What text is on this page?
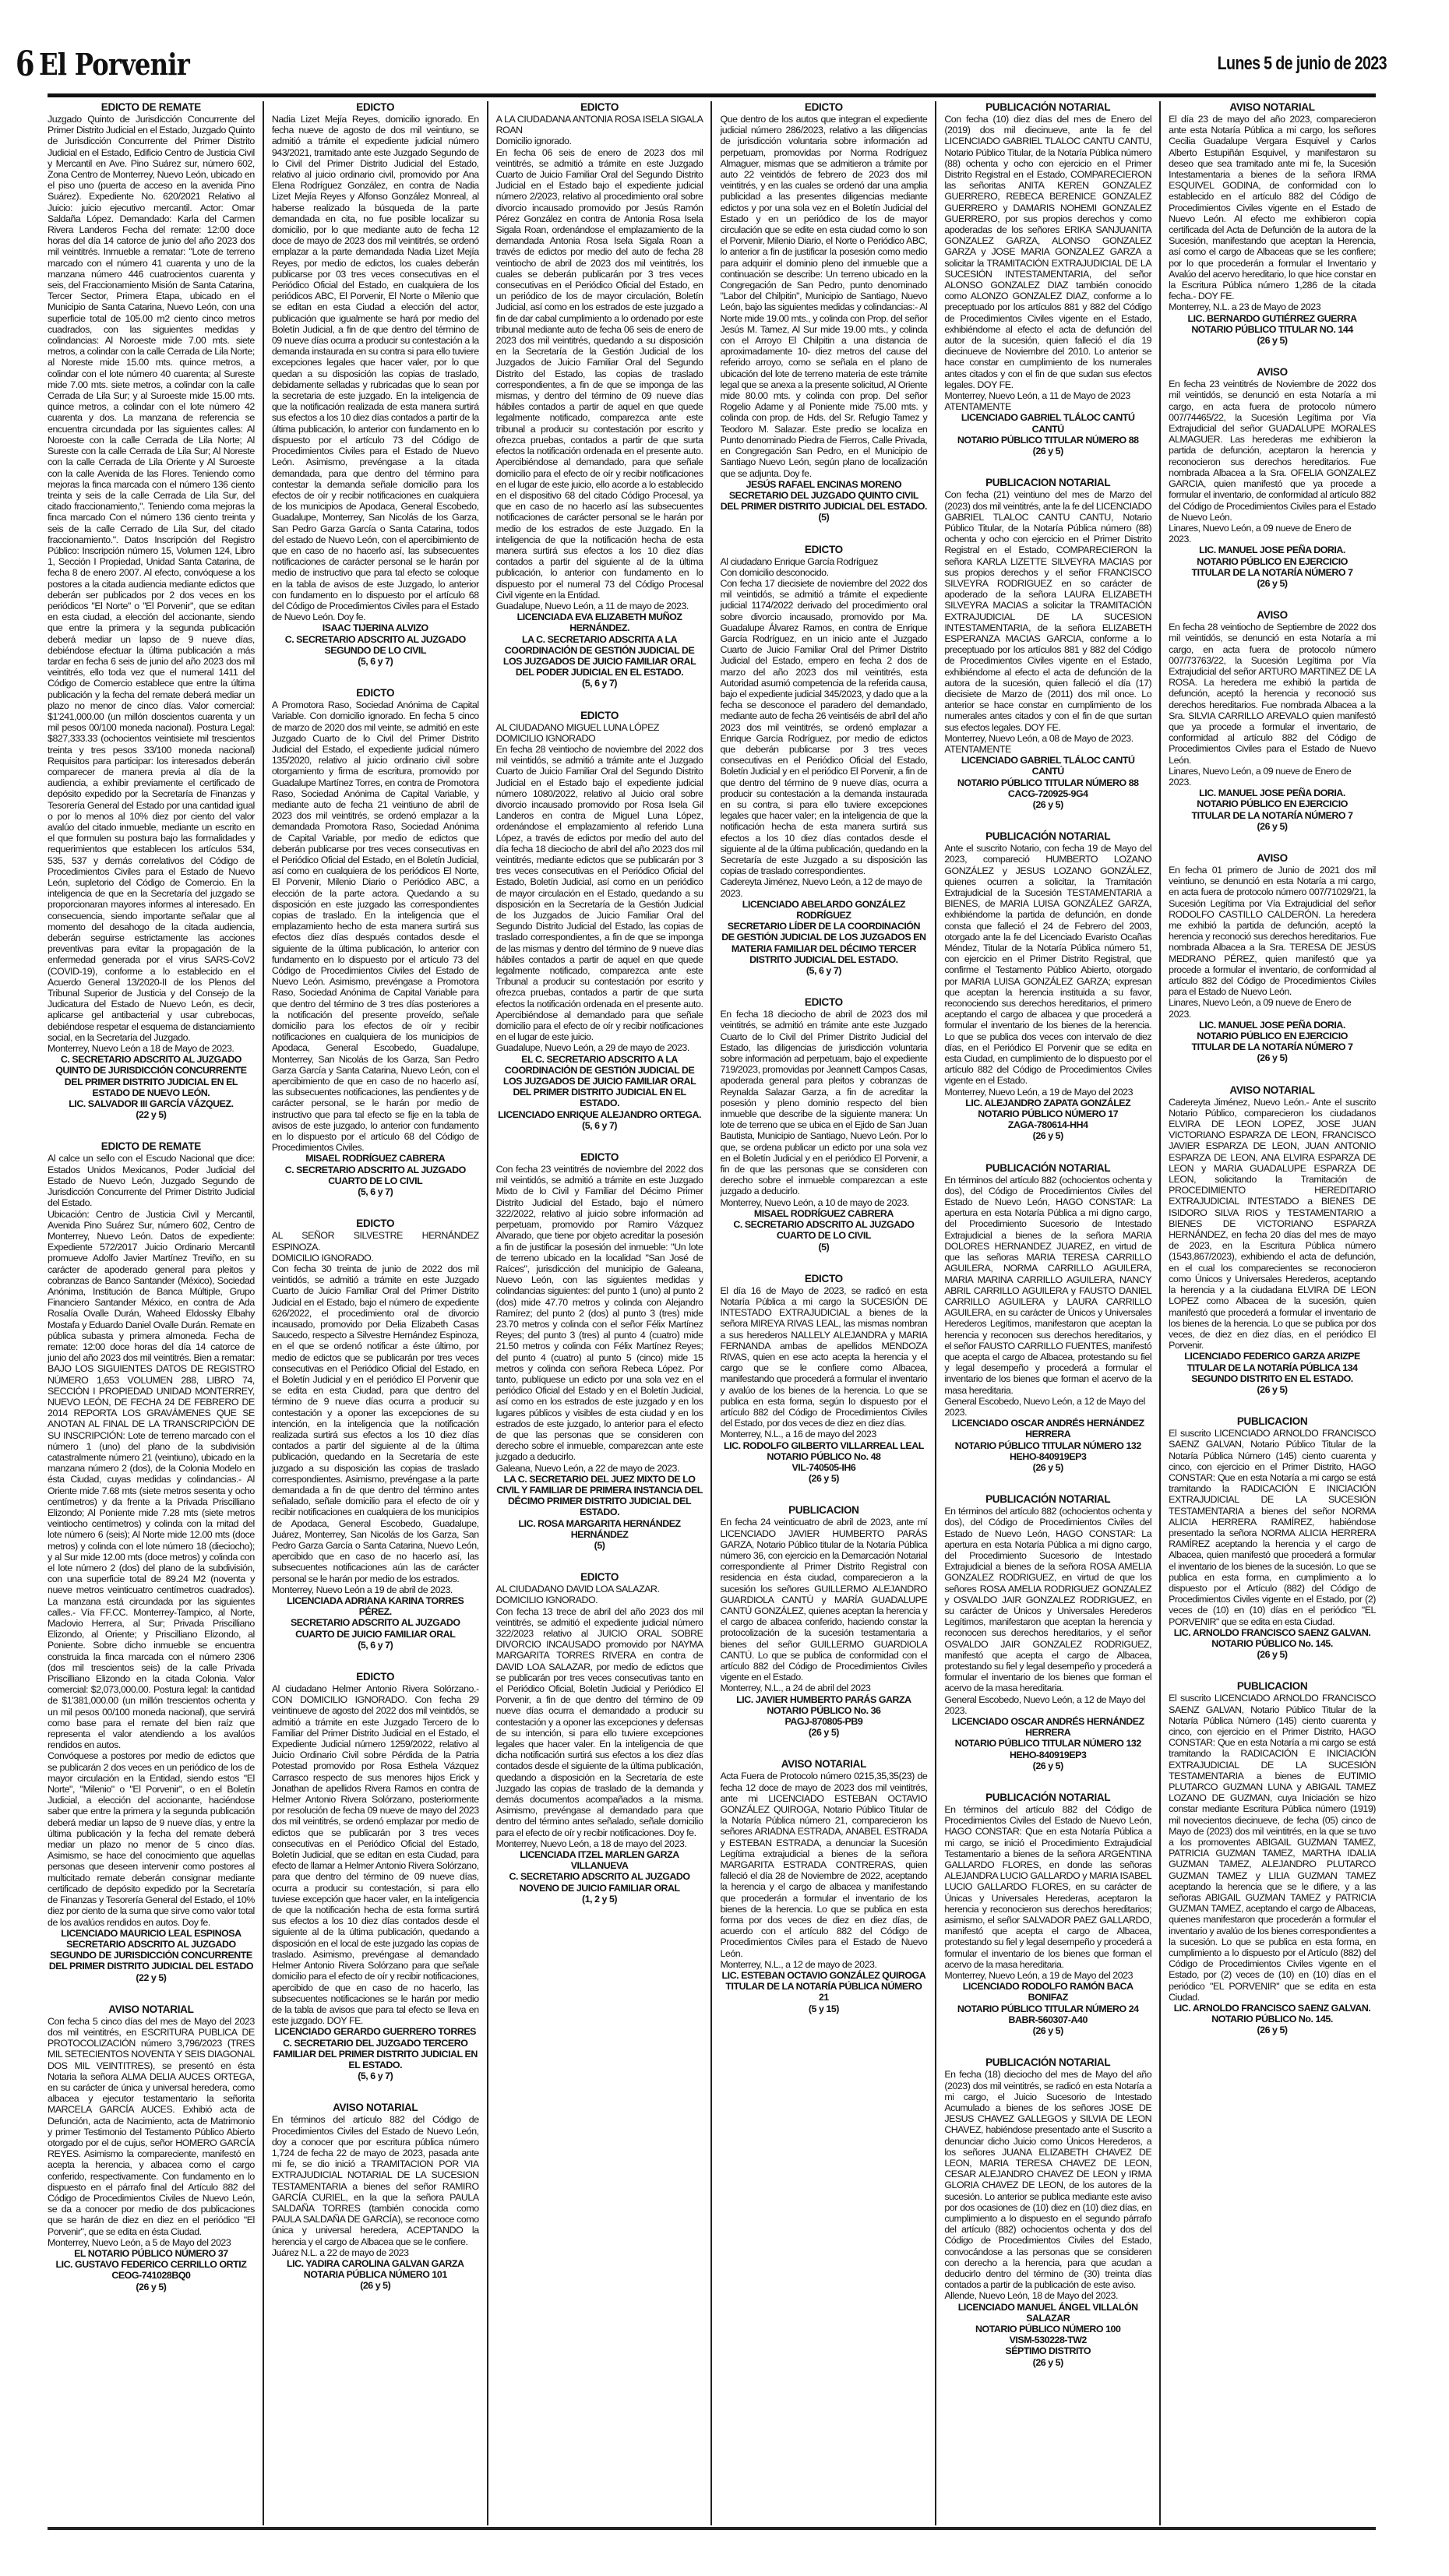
6 El Porvenir	Lunes 5 de junio de 2023
EDICTO DE REMATE

Juzgado Quinto de Jurisdicción Concurrente del Primer Distrito Judicial en el Estado, Juzgado Quinto de Jurisdicción Concurrente del Primer Distrito Judicial en el Estado, Edificio Centro de Justicia Civil y Mercantil en Ave. Pino Suárez sur, número 602, Zona Centro de Monterrey, Nuevo León, ubicado en el piso uno (puerta de acceso en la avenida Pino Suárez). Expediente No. 620/2021 Relativo al Juicio: juicio ejecutivo mercantil. Actor: Omar Saldaña López. Demandado: Karla del Carmen Rivera Landeros Fecha del remate: 12:00 doce horas del día 14 catorce de junio del año 2023 dos mil veintitrés. Inmueble a rematar: "Lote de terreno marcado con el número 41 cuarenta y uno de la manzana número 446 cuatrocientos cuarenta y seis, del Fraccionamiento Misión de Santa Catarina, Tercer Sector, Primera Etapa, ubicado en el Municipio de Santa Catarina, Nuevo León, con una superficie total de 105.00 m2 ciento cinco metros cuadrados, con las siguientes medidas y colindancias: Al Noroeste mide 7.00 mts. siete metros, a colindar con la calle Cerrada de Lila Norte; al Noreste mide 15.00 mts. quince metros, a colindar con el lote número 40 cuarenta; al Sureste mide 7.00 mts. siete metros, a colindar con la calle Cerrada de Lila Sur; y al Suroeste mide 15.00 mts. quince metros, a colindar con el lote número 42 cuarenta y dos. La manzana de referencia se encuentra circundada por las siguientes calles: Al Noroeste con la calle Cerrada de Lila Norte; Al Sureste con la calle Cerrada de Lila Sur; Al Noreste con la calle Cerrada de Lila Oriente y Al Suroeste con la calle Avenida de las Flores. Teniendo como mejoras la finca marcada con el número 136 ciento treinta y seis de la calle Cerrada de Lila Sur, del citado fraccionamiento,". Teniendo coma mejoras la finca marcado Con el número 136 ciento treinta y seis de la calle Cerrado de Lila Sur, del citado fraccionamiento.". Datos Inscripción del Registro Público: Inscripción número 15, Volumen 124, Libro 1, Sección I Propiedad, Unidad Santa Catarina, de fecha 8 de enero 2007. Al efecto, convóquese a los postores a la citada audiencia mediante edictos que deberán ser publicados por 2 dos veces en los periódicos "El Norte" o "El Porvenir", que se editan en esta ciudad, a elección del accionante, siendo que entre la primera y la segunda publicación deberá mediar un lapso de 9 nueve días, debiéndose efectuar la última publicación a más tardar en fecha 6 seis de junio del año 2023 dos mil veintitrés, ello toda vez que el numeral 1411 del Código de Comercio establece que entre la última publicación y la fecha del remate deberá mediar un plazo no menor de cinco días. Valor comercial: $1'241,000.00 (un millón doscientos cuarenta y un mil pesos 00/100 moneda nacional). Postura Legal: $827,333.33 (ochocientos veintisiete mil trescientos treinta y tres pesos 33/100 moneda nacional) Requisitos para participar: los interesados deberán comparecer de manera previa al día de la audiencia, a exhibir previamente el certificado de depósito expedido por la Secretaría de Finanzas y Tesorería General del Estado por una cantidad igual o por lo menos al 10% diez por ciento del valor avalúo del citado inmueble, mediante un escrito en el que formulen su postura bajo las formalidades y requerimientos que establecen los artículos 534, 535, 537 y demás correlativos del Código de Procedimientos Civiles para el Estado de Nuevo León, supletorio del Código de Comercio. En la inteligencia de que en la Secretaría del juzgado se proporcionaran mayores informes al interesado. En consecuencia, siendo importante señalar que al momento del desahogo de la citada audiencia, deberán seguirse estrictamente las acciones preventivas para evitar la propagación de la enfermedad generada por el virus SARS-CoV2 (COVID-19), conforme a lo establecido en el Acuerdo General 13/2020-II de los Plenos del Tribunal Superior de Justicia y del Consejo de la Judicatura del Estado de Nuevo León, es decir, aplicarse gel antibacterial y usar cubrebocas, debiéndose respetar el esquema de distanciamiento social, en la Secretaría del Juzgado.

Monterrey, Nuevo León a 18 de Mayo de 2023.

C. SECRETARIO ADSCRITO AL JUZGADO QUINTO DE JURISDICCIÓN CONCURRENTE DEL PRIMER DISTRITO JUDICIAL EN EL ESTADO DE NUEVO LEÓN.
LIC. SALVADOR III GARCÍA VÁZQUEZ.
(22 y 5)
EDICTO DE REMATE

Al calce un sello con el Escudo Nacional que dice: Estados Unidos Mexicanos, Poder Judicial del Estado de Nuevo León, Juzgado Segundo de Jurisdicción Concurrente del Primer Distrito Judicial del Estado.

Ubicación: Centro de Justicia Civil y Mercantil, Avenida Pino Suárez Sur, número 602, Centro de Monterrey, Nuevo León. Datos de expediente: Expediente 572/2017 Juicio Ordinario Mercantil promueve Adolfo Javier Martínez Treviño, en su carácter de apoderado general para pleitos y cobranzas de Banco Santander (México), Sociedad Anónima, Institución de Banca Múltiple, Grupo Financiero Santander México, en contra de Ada Rosalía Ovalle Durán, Waheed Eldossky Elbahy Mostafa y Eduardo Daniel Ovalle Durán. Remate en pública subasta y primera almoneda. Fecha de remate: 12:00 doce horas del día 14 catorce de junio del año 2023 dos mil veintitrés. Bien a rematar: BAJO LOS SIGUIENTES DATOS DE REGISTRO NÚMERO 1,653 VOLUMEN 288, LIBRO 74, SECCIÓN I PROPIEDAD UNIDAD MONTERREY, NUEVO LEÓN, DE FECHA 24 DE FEBRERO DE 2014 REPORTA LOS GRAVÁMENES QUE SE ANOTAN AL FINAL DE LA TRANSCRIPCIÓN DE SU INSCRIPCIÓN: Lote de terreno marcado con el número 1 (uno) del plano de la subdivisión catastralmente número 21 (veintiuno), ubicado en la manzana número 2 (dos), de la Colonia Modelo en ésta Ciudad, cuyas medidas y colindancias.- Al Oriente mide 7.68 mts (siete metros sesenta y ocho centímetros) y da frente a la Privada Priscilliano Elizondo; Al Poniente mide 7.28 mts (siete metros veintiocho centímetros) y colinda con la mitad del lote número 6 (seis); Al Norte mide 12.00 mts (doce metros) y colinda con el lote número 18 (dieciocho); y al Sur mide 12.00 mts (doce metros) y colinda con el lote número 2 (dos) del plano de la subdivisión, con una superficie total de 89.24 M2 (noventa y nueve metros veinticuatro centímetros cuadrados). La manzana está circundada por las siguientes calles.- Vía FF.CC. Monterrey-Tampico, al Norte, Maclovio Herrera, al Sur; Privada Priscilliano Elizondo, al Oriente; y Priscilliano Elizondo, al Poniente. Sobre dicho inmueble se encuentra construida la finca marcada con el número 2306 (dos mil trescientos seis) de la calle Privada Priscilliano Elizondo en la citada Colonia. Valor comercial: $2,073,000.00. Postura legal: la cantidad de $1'381,000.00 (un millón trescientos ochenta y un mil pesos 00/100 moneda nacional), que servirá como base para el remate del bien raíz que representa el valor atendiendo a los avalúos rendidos en autos.

Convóquese a postores por medio de edictos que se publicarán 2 dos veces en un periódico de los de mayor circulación en la Entidad, siendo estos "El Norte", "Milenio" o "El Porvenir", o en el Boletín Judicial, a elección del accionante, haciéndose saber que entre la primera y la segunda publicación deberá mediar un lapso de 9 nueve días, y entre la última publicación y la fecha del remate deberá mediar un plazo no menor de 5 cinco días. Asimismo, se hace del conocimiento que aquellas personas que deseen intervenir como postores al multicitado remate deberán consignar mediante certificado de depósito expedido por la Secretaría de Finanzas y Tesorería General del Estado, el 10% diez por ciento de la suma que sirve como valor total de los avalúos rendidos en autos. Doy fe.

LICENCIADO MAURICIO LEAL ESPINOSA
SECRETARIO ADSCRITO AL JUZGADO SEGUNDO DE JURISDICCIÓN CONCURRENTE DEL PRIMER DISTRITO JUDICIAL DEL ESTADO
(22 y 5)
AVISO NOTARIAL

Con fecha 5 cinco días del mes de Mayo del 2023 dos mil veintitrés, en ESCRITURA PUBLICA DE PROTOCOLIZACIÓN número 3,796/2023 (TRES MIL SETECIENTOS NOVENTA Y SEIS DIAGONAL DOS MIL VEINTITRES), se presentó en ésta Notaria la señora ALMA DELIA AUCES ORTEGA, en su carácter de única y universal heredera, como albacea y ejecutor testamentario la señorita MARCELA GARCÍA AUCES. Exhibió acta de Defunción, acta de Nacimiento, acta de Matrimonio y primer Testimonio del Testamento Público Abierto otorgado por el de cujus, señor HOMERO GARCÍA REYES. Asimismo la compareciente, manifestó en acepta la herencia, y albacea como el cargo conferido, respectivamente. Con fundamento en lo dispuesto en el párrafo final del Artículo 882 del Código de Procedimientos Civiles de Nuevo León, se da a conocer por medio de dos publicaciones que se harán de diez en diez en el periódico "El Porvenir", que se edita en ésta Ciudad.

Monterrey, Nuevo León, a 5 de Mayo del 2023

EL NOTARIO PÚBLICO NÚMERO 37
LIC. GUSTAVO FEDERICO CERRILLO ORTIZ
CEOG-741028BQ0
(26 y 5)
EDICTO

Nadia Lizet Mejía Reyes, domicilio ignorado. En fecha nueve de agosto de dos mil veintiuno, se admitió a trámite el expediente judicial número 943/2021, tramitado ante este Juzgado Segundo de lo Civil del Primer Distrito Judicial del Estado, relativo al juicio ordinario civil, promovido por Ana Elena Rodríguez González, en contra de Nadia Lizet Mejía Reyes y Alfonso González Monreal, al haberse realizado la búsqueda de la parte demandada en cita, no fue posible localizar su domicilio, por lo que mediante auto de fecha 12 doce de mayo de 2023 dos mil veintitrés, se ordenó emplazar a la parte demandada Nadia Lizet Mejía Reyes, por medio de edictos, los cuales deberán publicarse por 03 tres veces consecutivas en el Periódico Oficial del Estado, en cualquiera de los periódicos ABC, El Porvenir, El Norte o Milenio que se editan en esta Ciudad a elección del actor, publicación que igualmente se hará por medio del Boletín Judicial, a fin de que dentro del término de 09 nueve días ocurra a producir su contestación a la demanda instaurada en su contra si para ello tuviere excepciones legales que hacer valer, por lo que quedan a su disposición las copias de traslado, debidamente selladas y rubricadas que lo sean por la secretaria de este juzgado. En la inteligencia de que la notificación realizada de esta manera surtirá sus efectos a los 10 diez días contados a partir de la última publicación, lo anterior con fundamento en lo dispuesto por el artículo 73 del Código de Procedimientos Civiles para el Estado de Nuevo León. Asimismo, prevéngase a la citada demandada, para que dentro del término para contestar la demanda señale domicilio para los efectos de oír y recibir notificaciones en cualquiera de los municipios de Apodaca, General Escobedo, Guadalupe, Monterrey, San Nicolás de los Garza, San Pedro Garza García o Santa Catarina, todos del estado de Nuevo León, con el apercibimiento de que en caso de no hacerlo así, las subsecuentes notificaciones de carácter personal se le harán por medio de instructivo que para tal efecto se coloque en la tabla de avisos de este Juzgado, lo anterior con fundamento en lo dispuesto por el artículo 68 del Código de Procedimientos Civiles para el Estado de Nuevo León. Doy fe.

ISAAC TIJERINA ALVIZO
C. SECRETARIO ADSCRITO AL JUZGADO SEGUNDO DE LO CIVIL
(5, 6 y 7)
EDICTO

A Promotora Raso, Sociedad Anónima de Capital Variable. Con domicilio ignorado. En fecha 5 cinco de marzo de 2020 dos mil veinte, se admitió en este Juzgado Cuarto de lo Civil del Primer Distrito Judicial del Estado, el expediente judicial número 135/2020, relativo al juicio ordinario civil sobre otorgamiento y firma de escritura, promovido por Guadalupe Martínez Torres, en contra de Promotora Raso, Sociedad Anónima de Capital Variable, y mediante auto de fecha 21 veintiuno de abril de 2023 dos mil veintitrés, se ordenó emplazar a la demandada Promotora Raso, Sociedad Anónima de Capital Variable, por medio de edictos que deberán publicarse por tres veces consecutivas en el Periódico Oficial del Estado, en el Boletín Judicial, así como en cualquiera de los periódicos El Norte, El Porvenir, Milenio Diario o Periódico ABC, a elección de la parte actora. Quedando a su disposición en este juzgado las correspondientes copias de traslado. En la inteligencia que el emplazamiento hecho de esta manera surtirá sus efectos diez días después contados desde el siguiente de la última publicación, lo anterior con fundamento en lo dispuesto por el artículo 73 del Código de Procedimientos Civiles del Estado de Nuevo León. Asimismo, prevéngase a Promotora Raso, Sociedad Anónima de Capital Variable para que dentro del término de 3 tres días posteriores a la notificación del presente proveído, señale domicilio para los efectos de oír y recibir notificaciones en cualquiera de los municipios de Apodaca, General Escobedo, Guadalupe, Monterrey, San Nicolás de los Garza, San Pedro Garza García y Santa Catarina, Nuevo León, con el apercibimiento de que en caso de no hacerlo así, las subsecuentes notificaciones, las pendientes y de carácter personal, se le harán por medio de instructivo que para tal efecto se fije en la tabla de avisos de este juzgado, lo anterior con fundamento en lo dispuesto por el artículo 68 del Código de Procedimientos Civiles.

MISAEL RODRÍGUEZ CABRERA
C. SECRETARIO ADSCRITO AL JUZGADO CUARTO DE LO CIVIL
(5, 6 y 7)
EDICTO

AL SEÑOR SILVESTRE HERNÁNDEZ ESPINOZA.

DOMICILIO IGNORADO.

Con fecha 30 treinta de junio de 2022 dos mil veintidós, se admitió a trámite en este Juzgado Cuarto de Juicio Familiar Oral del Primer Distrito Judicial en el Estado, bajo el número de expediente 626/2022, el procedimiento oral de divorcio incausado, promovido por Delia Elizabeth Casas Saucedo, respecto a Silvestre Hernández Espinoza, en el que se ordenó notificar a éste último, por medio de edictos que se publicarán por tres veces consecutivas en el Periódico Oficial del Estado, en el Boletín Judicial y en el periódico El Porvenir que se edita en esta Ciudad, para que dentro del término de 9 nueve días ocurra a producir su contestación y a oponer las excepciones de su intención, en la inteligencia que la notificación realizada surtirá sus efectos a los 10 diez días contados a partir del siguiente al de la última publicación, quedando en la Secretaría de este juzgado a su disposición las copias de traslado correspondientes. Asimismo, prevéngase a la parte demandada a fin de que dentro del término antes señalado, señale domicilio para el efecto de oír y recibir notificaciones en cualquiera de los municipios de Apodaca, General Escobedo, Guadalupe, Juárez, Monterrey, San Nicolás de los Garza, San Pedro Garza García o Santa Catarina, Nuevo León, apercibido que en caso de no hacerlo así, las subsecuentes notificaciones aún las de carácter personal se le harán por medio de los estrados.

Monterrey, Nuevo León a 19 de abril de 2023.

LICENCIADA ADRIANA KARINA TORRES PÉREZ.
SECRETARIO ADSCRITO AL JUZGADO CUARTO DE JUICIO FAMILIAR ORAL
(5, 6 y 7)
EDICTO

Al ciudadano Helmer Antonio Rivera Solórzano.- CON DOMICILIO IGNORADO. Con fecha 29 veintinueve de agosto del 2022 dos mil veintidós, se admitió a trámite en este Juzgado Tercero de lo Familiar del Primer Distrito Judicial en el Estado, el Expediente Judicial número 1259/2022, relativo al Juicio Ordinario Civil sobre Pérdida de la Patria Potestad promovido por Rosa Esthela Vázquez Carrasco respecto de sus menores hijos Erick y Jonathan de apellidos Rivera Ramos en contra de Helmer Antonio Rivera Solórzano, posteriormente por resolución de fecha 09 nueve de mayo del 2023 dos mil veintitrés, se ordenó emplazar por medio de edictos que se publicarán por 3 tres veces consecutivas en el Periódico Oficial del Estado, Boletín Judicial, que se editan en esta Ciudad, para efecto de llamar a Helmer Antonio Rivera Solórzano, para que dentro del término de 09 nueve días, ocurra a producir su contestación, si para ello tuviese excepción que hacer valer, en la inteligencia de que la notificación hecha de esta forma surtirá sus efectos a los 10 diez días contados desde el siguiente al de la última publicación, quedando a disposición en el local de este juzgado las copias de traslado. Asimismo, prevéngase al demandado Helmer Antonio Rivera Solórzano para que señale domicilio para el efecto de oír y recibir notificaciones, apercibido de que en caso de no hacerlo, las subsecuentes notificaciones se le harán por medio de la tabla de avisos que para tal efecto se lleva en este juzgado. DOY FE.

LICENCIADO GERARDO GUERRERO TORRES
C. SECRETARIO DEL JUZGADO TERCERO FAMILIAR DEL PRIMER DISTRITO JUDICIAL EN EL ESTADO.
(5, 6 y 7)
AVISO NOTARIAL

En términos del artículo 882 del Código de Procedimientos Civiles del Estado de Nuevo León, doy a conocer que por escritura pública número 1,724 de fecha 22 de mayo de 2023, pasada ante mi fe, se dio inició a TRAMITACION POR VIA EXTRAJUDICIAL NOTARIAL DE LA SUCESION TESTAMENTARIA a bienes del señor RAMIRO GARCÍA CURIEL, en la que la señora PAULA SALDAÑA TORRES (también conocida como PAULA SALDAÑA DE GARCÍA), se reconoce como única y universal heredera, ACEPTANDO la herencia y el cargo de Albacea que se le confiere.

Juárez N.L. a 22 de mayo de 2023

LIC. YADIRA CAROLINA GALVAN GARZA
NOTARIA PÚBLICA NÚMERO 101
(26 y 5)
EDICTO

A LA CIUDADANA ANTONIA ROSA ISELA SIGALA ROAN

Domicilio ignorado.

En fecha 06 seis de enero de 2023 dos mil veintitrés, se admitió a trámite en este Juzgado Cuarto de Juicio Familiar Oral del Segundo Distrito Judicial en el Estado bajo el expediente judicial número 2/2023, relativo al procedimiento oral sobre divorcio incausado promovido por Jesús Ramón Pérez González en contra de Antonia Rosa Isela Sigala Roan, ordenándose el emplazamiento de la demandada Antonia Rosa Isela Sigala Roan a través de edictos por medio del auto de fecha 28 veintiocho de abril de 2023 dos mil veintitrés, los cuales se deberán publicarán por 3 tres veces consecutivas en el Periódico Oficial del Estado, en un periódico de los de mayor circulación, Boletín Judicial, así como en los estrados de este juzgado a fin de dar cabal cumplimiento a lo ordenado por este tribunal mediante auto de fecha 06 seis de enero de 2023 dos mil veintitrés, quedando a su disposición en la Secretaría de la Gestión Judicial de los Juzgados de Juicio Familiar Oral del Segundo Distrito del Estado, las copias de traslado correspondientes, a fin de que se imponga de las mismas, y dentro del término de 09 nueve días hábiles contados a partir de aquel en que quede legalmente notificado, comparezca ante este tribunal a producir su contestación por escrito y ofrezca pruebas, contados a partir de que surta efectos la notificación ordenada en el presente auto. Apercibiéndose al demandado, para que señale domicilio para el efecto de oír y recibir notificaciones en el lugar de este juicio, ello acorde a lo establecido en el dispositivo 68 del citado Código Procesal, ya que en caso de no hacerlo así las subsecuentes notificaciones de carácter personal se le harán por medio de los estrados de este Juzgado. En la inteligencia de que la notificación hecha de esta manera surtirá sus efectos a los 10 diez días contados a partir del siguiente al de la última publicación, lo anterior con fundamento en lo dispuesto por el numeral 73 del Código Procesal Civil vigente en la Entidad.

Guadalupe, Nuevo León, a 11 de mayo de 2023.

LICENCIADA EVA ELIZABETH MUÑOZ HERNÁNDEZ.
LA C. SECRETARIO ADSCRITA A LA COORDINACIÓN DE GESTIÓN JUDICIAL DE LOS JUZGADOS DE JUICIO FAMILIAR ORAL DEL PODER JUDICIAL EN EL ESTADO.
(5, 6 y 7)
EDICTO

AL CIUDADANO MIGUEL LUNA LÓPEZ

DOMICILIO IGNORADO

En fecha 28 veintiocho de noviembre del 2022 dos mil veintidós, se admitió a trámite ante el Juzgado Cuarto de Juicio Familiar Oral del Segundo Distrito Judicial en el Estado bajo el expediente judicial número 1080/2022, relativo al Juicio oral sobre divorcio incausado promovido por Rosa Isela Gil Landeros en contra de Miguel Luna López, ordenándose el emplazamiento al referido Luna López, a través de edictos por medio del auto del día fecha 18 dieciocho de abril del año 2023 dos mil veintitrés, mediante edictos que se publicarán por 3 tres veces consecutivas en el Periódico Oficial del Estado, Boletín Judicial, así como en un periódico de mayor circulación en el Estado, quedando a su disposición en la Secretaría de la Gestión Judicial de los Juzgados de Juicio Familiar Oral del Segundo Distrito Judicial del Estado, las copias de traslado correspondientes, a fin de que se imponga de las mismas y dentro del término de 9 nueve días hábiles contados a partir de aquel en que quede legalmente notificado, comparezca ante este Tribunal a producir su contestación por escrito y ofrezca pruebas, contados a partir de que surta efectos la notificación ordenada en el presente auto. Apercibiéndose al demandado para que señale domicilio para el efecto de oír y recibir notificaciones en el lugar de este juicio.

Guadalupe, Nuevo León, a 29 de mayo de 2023.

EL C. SECRETARIO ADSCRITO A LA COORDINACIÓN DE GESTIÓN JUDICIAL DE LOS JUZGADOS DE JUICIO FAMILIAR ORAL DEL PRIMER DISTRITO JUDICIAL EN EL ESTADO.
LICENCIADO ENRIQUE ALEJANDRO ORTEGA.
(5, 6 y 7)
EDICTO

Con fecha 23 veintitrés de noviembre del 2022 dos mil veintidós, se admitió a trámite en este Juzgado Mixto de lo Civil y Familiar del Décimo Primer Distrito Judicial del Estado, bajo el número 322/2022, relativo al juicio sobre información ad perpetuam, promovido por Ramiro Vázquez Alvarado, que tiene por objeto acreditar la posesión a fin de justificar la posesión del inmueble: "Un lote de terreno ubicado en la localidad "San José de Raíces", jurisdicción del municipio de Galeana, Nuevo León, con las siguientes medidas y colindancias siguientes: del punto 1 (uno) al punto 2 (dos) mide 47.70 metros y colinda con Alejandro Ramírez; del punto 2 (dos) al punto 3 (tres) mide 23.70 metros y colinda con el señor Félix Martínez Reyes; del punto 3 (tres) al punto 4 (cuatro) mide 21.50 metros y colinda con Félix Martínez Reyes; del punto 4 (cuatro) al punto 5 (cinco) mide 15 metros y colinda con señora Rebeca López. Por tanto, publíquese un edicto por una sola vez en el periódico Oficial del Estado y en el Boletín Judicial, así como en los estrados de este juzgado y en los lugares públicos y visibles de esta ciudad y en los estrados de este juzgado, lo anterior para el efecto de que las personas que se consideren con derecho sobre el inmueble, comparezcan ante este juzgado a deducirlo.

Galeana, Nuevo León, a 22 de mayo de 2023.

LA C. SECRETARIO DEL JUEZ MIXTO DE LO CIVIL Y FAMILIAR DE PRIMERA INSTANCIA DEL DÉCIMO PRIMER DISTRITO JUDICIAL DEL ESTADO.
LIC. ROSA MARGARITA HERNÁNDEZ HERNÁNDEZ
(5)
EDICTO

AL CIUDADANO DAVID LOA SALAZAR.

DOMICILIO IGNORADO.

Con fecha 13 trece de abril del año 2023 dos mil veintitrés, se admitió el expediente judicial número 322/2023 relativo al JUICIO ORAL SOBRE DIVORCIO INCAUSADO promovido por NAYMA MARGARITA TORRES RIVERA en contra de DAVID LOA SALAZAR, por medio de edictos que se publicarán por tres veces consecutivas tanto en el Periódico Oficial, Boletín Judicial y Periódico El Porvenir, a fin de que dentro del término de 09 nueve días ocurra el demandado a producir su contestación y a oponer las excepciones y defensas de su intención, si para ello tuviere excepciones legales que hacer valer. En la inteligencia de que dicha notificación surtirá sus efectos a los diez días contados desde el siguiente de la última publicación, quedando a disposición en la Secretaría de este Juzgado las copias de traslado de la demanda y demás documentos acompañados a la misma. Asimismo, prevéngase al demandado para que dentro del término antes señalado, señale domicilio para el efecto de oír y recibir notificaciones. Doy fe.

Monterrey, Nuevo León, a 18 de mayo del 2023.

LICENCIADA ITZEL MARLEN GARZA VILLANUEVA
C. SECRETARIO ADSCRITO AL JUZGADO NOVENO DE JUICIO FAMILIAR ORAL
(1, 2 y 5)
EDICTO

Que dentro de los autos que integran el expediente judicial número 286/2023, relativo a las diligencias de jurisdicción voluntaria sobre información ad perpetuam, promovidas por Norma Rodríguez Almaguer, mismas que se admitieron a trámite por auto 22 veintidós de febrero de 2023 dos mil veintitrés, y en las cuales se ordenó dar una amplia publicidad a las presentes diligencias mediante edictos y por una sola vez en el Boletín Judicial del Estado y en un periódico de los de mayor circulación que se edite en esta ciudad como lo son el Porvenir, Milenio Diario, el Norte o Periódico ABC, lo anterior a fin de justificar la posesión como medio para adquirir el dominio pleno del inmueble que a continuación se describe: Un terreno ubicado en la Congregación de San Pedro, punto denominado "Labor del Chilpitin", Municipio de Santiago, Nuevo León, bajo las siguientes medidas y colindancias:- Al Norte mide 19.00 mts., y colinda con Prop. del señor Jesús M. Tamez, Al Sur mide 19.00 mts., y colinda con el Arroyo El Chilpitin a una distancia de aproximadamente 10- diez metros del cause del referido arroyo, como se señala en el plano de ubicación del lote de terreno materia de este trámite legal que se anexa a la presente solicitud, Al Oriente mide 80.00 mts. y colinda con prop. Del señor Rogelio Adame y al Poniente mide 75.00 mts. y colinda con prop. de Hds. del Sr. Refugio Tamez y Teodoro M. Salazar. Este predio se localiza en Punto denominado Piedra de Fierros, Calle Privada, en Congregación San Pedro, en el Municipio de Santiago Nuevo León, según plano de localización que se adjunta. Doy fe.

JESÚS RAFAEL ENCINAS MORENO
SECRETARIO DEL JUZGADO QUINTO CIVIL DEL PRIMER DISTRITO JUDICIAL DEL ESTADO.
(5)
EDICTO

Al ciudadano Enrique García Rodríguez

Con domicilio desconocido.

Con fecha 17 diecisiete de noviembre del 2022 dos mil veintidós, se admitió a trámite el expediente judicial 1174/2022 derivado del procedimiento oral sobre divorcio incausado, promovido por Ma. Guadalupe Álvarez Ramos, en contra de Enrique García Rodríguez, en un inicio ante el Juzgado Cuarto de Juicio Familiar Oral del Primer Distrito Judicial del Estado, empero en fecha 2 dos de marzo del año 2023 dos mil veintitrés, esta Autoridad asumió competencia de la referida causa, bajo el expediente judicial 345/2023, y dado que a la fecha se desconoce el paradero del demandado, mediante auto de fecha 26 veintiséis de abril del año 2023 dos mil veintitrés, se ordenó emplazar a Enrique García Rodríguez, por medio de edictos que deberán publicarse por 3 tres veces consecutivas en el Periódico Oficial del Estado, Boletín Judicial y en el periódico El Porvenir, a fin de que dentro del término de 9 nueve días, ocurra a producir su contestación a la demanda instaurada en su contra, si para ello tuviere excepciones legales que hacer valer; en la inteligencia de que la notificación hecha de esta manera surtirá sus efectos a los 10 diez días contados desde el siguiente al de la última publicación, quedando en la Secretaría de este Juzgado a su disposición las copias de traslado correspondientes.

Cadereyta Jiménez, Nuevo León, a 12 de mayo de 2023.

LICENCIADO ABELARDO GONZÁLEZ RODRÍGUEZ
SECRETARIO LÍDER DE LA COORDINACIÓN DE GESTIÓN JUDICIAL DE LOS JUZGADOS EN MATERIA FAMILIAR DEL DÉCIMO TERCER DISTRITO JUDICIAL DEL ESTADO.
(5, 6 y 7)
EDICTO

En fecha 18 dieciocho de abril de 2023 dos mil veintitrés, se admitió en trámite ante este Juzgado Cuarto de lo Civil del Primer Distrito Judicial del Estado, las diligencias de jurisdicción voluntaria sobre información ad perpetuam, bajo el expediente 719/2023, promovidas por Jeannett Campos Casas, apoderada general para pleitos y cobranzas de Reynalda Salazar Garza, a fin de acreditar la posesión y pleno dominio respecto del bien inmueble que describe de la siguiente manera: Un lote de terreno que se ubica en el Ejido de San Juan Bautista, Municipio de Santiago, Nuevo León. Por lo que, se ordena publicar un edicto por una sola vez en el Boletín Judicial y en el periódico El Porvenir, a fin de que las personas que se consideren con derecho sobre el inmueble comparezcan a este juzgado a deducirlo.

Monterrey, Nuevo León, a 10 de mayo de 2023.

MISAEL RODRÍGUEZ CABRERA
C. SECRETARIO ADSCRITO AL JUZGADO CUARTO DE LO CIVIL
(5)
EDICTO

El día 16 de Mayo de 2023, se radicó en esta Notaría Pública a mi cargo la SUCESIÓN DE INTESTADO EXTRAJUDICIAL a bienes de la señora MIREYA RIVAS LEAL, las mismas nombran a sus herederos NALLELY ALEJANDRA y MARIA FERNANDA ambas de apellidos MENDOZA RIVAS, quien en ese acto acepta la herencia y el cargo que se le confiere como Albacea, manifestando que procederá a formular el inventario y avalúo de los bienes de la herencia. Lo que se publica en esta forma, según lo dispuesto por el artículo 882 del Código de Procedimientos Civiles del Estado, por dos veces de diez en diez días.

Monterrey, N.L., a 16 de mayo del 2023

LIC. RODOLFO GILBERTO VILLARREAL LEAL
NOTARIO PÚBLICO No. 48
VIL-740505-IH6
(26 y 5)
PUBLICACION

En fecha 24 veinticuatro de abril de 2023, ante mí LICENCIADO JAVIER HUMBERTO PARÁS GARZA, Notario Público titular de la Notaría Pública número 36, con ejercicio en la Demarcación Notarial correspondiente al Primer Distrito Registral con residencia en ésta ciudad, comparecieron a la sucesión los señores GUILLERMO ALEJANDRO GUARDIOLA CANTÚ y MARÍA GUADALUPE CANTÚ GONZÁLEZ, quienes aceptan la herencia y el cargo de albacea conferido, haciendo constar la protocolización de la sucesión testamentaria a bienes del señor GUILLERMO GUARDIOLA CANTÚ. Lo que se publica de conformidad con el artículo 882 del Código de Procedimientos Civiles vigente en el Estado.

Monterrey, N.L., a 24 de abril del 2023

LIC. JAVIER HUMBERTO PARÁS GARZA
NOTARIO PÚBLICO No. 36
PAGJ-870805-PB9
(26 y 5)
AVISO NOTARIAL

Acta Fuera de Protocolo número 0215,35,35(23) de fecha 12 doce de mayo de 2023 dos mil veintitrés, ante mi LICENCIADO ESTEBAN OCTAVIO GONZÁLEZ QUIROGA, Notario Público Titular de la Notaría Pública número 21, comparecieron los señores ARIADNA ESTRADA, ANABEL ESTRADA y ESTEBAN ESTRADA, a denunciar la Sucesión Legítima extrajudicial a bienes de la señora MARGARITA ESTRADA CONTRERAS, quien falleció el día 28 de Noviembre de 2022, aceptando la herencia y el cargo de albacea y manifestando que procederán a formular el inventario de los bienes de la herencia. Lo que se publica en esta forma por dos veces de diez en diez días, de acuerdo con el artículo 882 del Código de Procedimientos Civiles para el Estado de Nuevo León.

Monterrey, N.L., a 12 de mayo de 2023.

LIC. ESTEBAN OCTAVIO GONZÁLEZ QUIROGA
TITULAR DE LA NOTARÍA PÚBLICA NÚMERO 21
(5 y 15)
PUBLICACIÓN NOTARIAL

Con fecha (10) diez días del mes de Enero del (2019) dos mil diecinueve, ante la fe del LICENCIADO GABRIEL TLALOC CANTU CANTU, Notario Público Titular, de la Notaría Pública número (88) ochenta y ocho con ejercicio en el Primer Distrito Registral en el Estado, COMPARECIERON las señoritas ANITA KEREN GONZALEZ GUERRERO, REBECA BERENICE GONZALEZ GUERRERO y DAMARIS NOHEMI GONZALEZ GUERRERO, por sus propios derechos y como apoderadas de los señores ERIKA SANJUANITA GONZALEZ GARZA, ALONSO GONZALEZ GARZA y JOSE MARIA GONZALEZ GARZA a solicitar la TRAMITACIÓN EXTRAJUDICIAL DE LA SUCESIÓN INTESTAMENTARIA, del señor ALONSO GONZALEZ DIAZ también conocido como ALONZO GONZALEZ DIAZ, conforme a lo preceptuado por los artículos 881 y 882 del Código de Procedimientos Civiles vigente en el Estado, exhibiéndome al efecto el acta de defunción del autor de la sucesión, quien falleció el día 19 diecinueve de Noviembre del 2010. Lo anterior se hace constar en cumplimiento de los numerales antes citados y con el fin de que sudan sus efectos legales. DOY FE.

Monterrey, Nuevo León, a 11 de Mayo de 2023 ATENTAMENTE

LICENCIADO GABRIEL TLÁLOC CANTÚ CANTÚ
NOTARIO PÚBLICO TITULAR NÚMERO 88
(26 y 5)
PUBLICACION NOTARIAL

Con fecha (21) veintiuno del mes de Marzo del (2023) dos mil veintitrés, ante la fe del LICENCIADO GABRIEL TLALOC CANTU CANTU, Notario Público Titular, de la Notaría Pública número (88) ochenta y ocho con ejercicio en el Primer Distrito Registral en el Estado, COMPARECIERON la señora KARLA LIZETTE SILVEYRA MACIAS por sus propios derechos y el señor FRANCISCO SILVEYRA RODRIGUEZ en so carácter de apoderado de la señora LAURA ELIZABETH SILVEYRA MACIAS a solicitar la TRAMITACIÓN EXTRAJUDICIAL DE LA SUCESION INTESTAMENTARIA, de la señora ELIZABETH ESPERANZA MACIAS GARCIA, conforme a lo preceptuado por los artículos 881 y 882 del Código de Procedimientos Civiles vigente en el Estado, exhibiéndome al efecto el acta de defunción de la autora de la sucesión, quien falleció el día (17) diecisiete de Marzo de (2011) dos mil once. Lo anterior se hace constar en cumplimiento de los numerales antes citados y con el fin de que surtan sus efectos legales. DOY FE.

Monterrey, Nuevo León, a 08 de Mayo de 2023. ATENTAMENTE

LICENCIADO GABRIEL TLÁLOC CANTÚ CANTÚ
NOTARIO PÚBLICO TITULAR NÚMERO 88
CACG-720925-9G4
(26 y 5)
PUBLICACIÓN NOTARIAL

Ante el suscrito Notario, con fecha 19 de Mayo del 2023, compareció HUMBERTO LOZANO GONZÁLEZ y JESUS LOZANO GONZÁLEZ, quienes ocurren a solicitar, la Tramitación Extrajudicial de la Sucesión TESTAMENTARIA a BIENES, de MARIA LUISA GONZÁLEZ GARZA, exhibiéndome la partida de defunción, en donde consta que falleció el 24 de Febrero del 2003, otorgado ante la fe del Licenciado Evaristo Ocañas Méndez, Titular de la Notaría Pública número 51, con ejercicio en el Primer Distrito Registral, que confirme el Testamento Público Abierto, otorgado por MARIA LUISA GONZÁLEZ GARZA; expresan que aceptan la herencia instituida a su favor, reconociendo sus derechos hereditarios, el primero aceptando el cargo de albacea y que procederá a formular el inventario de los bienes de la herencia. Lo que se publica dos veces con intervalo de diez días, en el Periódico El Porvenir que se edita en esta Ciudad, en cumplimiento de lo dispuesto por el artículo 882 del Código de Procedimientos Civiles vigente en el Estado.

Monterrey, Nuevo León, a 19 de Mayo del 2023

LIC. ALEJANDRO ZAPATA GONZÁLEZ
NOTARIO PÚBLICO NÚMERO 17
ZAGA-780614-HH4
(26 y 5)
PUBLICACIÓN NOTARIAL

En términos del artículo 882 (ochocientos ochenta y dos), del Código de Procedimientos Civiles del Estado de Nuevo León, HAGO CONSTAR: La apertura en esta Notaría Pública a mi digno cargo, del Procedimiento Sucesorio de Intestado Extrajudicial a bienes de la señora MARIA DOLORES HERNANDEZ JUAREZ, en virtud de que las señoras MARIA TERESA CARRILLO AGUILERA, NORMA CARRILLO AGUILERA, MARIA MARINA CARRILLO AGUILERA, NANCY ABRIL CARRILLO AGUILERA y FAUSTO DANIEL CARRILLO AGUILERA y LAURA CARRILLO AGUILERA, en su carácter de Únicos y Universales Herederos Legítimos, manifestaron que aceptan la herencia y reconocen sus derechos hereditarios, y el señor FAUSTO CARRILLO FUENTES, manifestó que acepta el cargo de Albacea, protestando su fiel y legal desempeño y procederá a formular el inventario de los bienes que forman el acervo de la masa hereditaria.

General Escobedo, Nuevo León, a 12 de Mayo del 2023.

LICENCIADO OSCAR ANDRÉS HERNÁNDEZ HERRERA
NOTARIO PÚBLICO TITULAR NÚMERO 132
HEHO-840919EP3
(26 y 5)
PUBLICACIÓN NOTARIAL

En términos del artículo 882 (ochocientos ochenta y dos), del Código de Procedimientos Civiles del Estado de Nuevo León, HAGO CONSTAR: La apertura en esta Notaría Pública a mi digno cargo, del Procedimiento Sucesorio de Intestado Extrajudicial a bienes de la señora ROSA AMELIA GONZALEZ RODRIGUEZ, en virtud de que los señores ROSA AMELIA RODRIGUEZ GONZALEZ y OSVALDO JAIR GONZALEZ RODRIGUEZ, en su carácter de Únicos y Universales Herederos Legítimos, manifestaron que aceptan la herencia y reconocen sus derechos hereditarios, y el señor OSVALDO JAIR GONZALEZ RODRIGUEZ, manifestó que acepta el cargo de Albacea, protestando su fiel y legal desempeño y procederá a formular el inventario de los bienes que forman el acervo de la masa hereditaria.

General Escobedo, Nuevo León, a 12 de Mayo del 2023.

LICENCIADO OSCAR ANDRÉS HERNÁNDEZ HERRERA
NOTARIO PÚBLICO TITULAR NÚMERO 132
HEHO-840919EP3
(26 y 5)
PUBLICACIÓN NOTARIAL

En términos del artículo 882 del Código de Procedimientos Civiles del Estado de Nuevo León, HAGO CONSTAR: Que en esta Notaría Pública a mi cargo, se inició el Procedimiento Extrajudicial Testamentario a bienes de la señora ARGENTINA GALLARDO FLORES, en donde las señoras ALEJANDRA LUCIO GALLARDO y MARIA ISABEL LUCIO GALLARDO FLORES, en su carácter de Únicas y Universales Herederas, aceptaron la herencia y reconocieron sus derechos hereditarios; asimismo, el señor SALVADOR PAEZ GALLARDO, manifestó que acepta el cargo de Albacea, protestando su fiel y legal desempeño y procederá a formular el inventario de los bienes que forman el acervo de la masa hereditaria.

Monterrey, Nuevo León, a 19 de Mayo del 2023

LICENCIADO RODOLFO RAMÓN BACA BONIFAZ
NOTARIO PÚBLICO TITULAR NÚMERO 24
BABR-560307-A40
(26 y 5)
PUBLICACIÓN NOTARIAL

En fecha (18) dieciocho del mes de Mayo del año (2023) dos mil veintitrés, se radicó en esta Notaría a mi cargo, el Juicio Sucesorio de Intestado Acumulado a bienes de los señores JOSE DE JESUS CHAVEZ GALLEGOS y SILVIA DE LEON CHAVEZ, habiéndose presentado ante el Suscrito a denunciar dicho Juicio como Únicos Herederos, a los señores JUANA ELIZABETH CHAVEZ DE LEON, MARIA TERESA CHAVEZ DE LEON, CESAR ALEJANDRO CHAVEZ DE LEON y IRMA GLORIA CHAVEZ DE LEON, de los autores de la sucesión. Lo anterior se publica mediante este aviso por dos ocasiones de (10) diez en (10) diez días, en cumplimiento a lo dispuesto en el segundo párrafo del artículo (882) ochocientos ochenta y dos del Código de Procedimientos Civiles del Estado, convocándose a las personas que se consideren con derecho a la herencia, para que acudan a deducirlo dentro del término de (30) treinta días contados a partir de la publicación de este aviso.

Allende, Nuevo León, 18 de Mayo del 2023.

LICENCIADO MANUEL ÁNGEL VILLALÓN SALAZAR
NOTARIO PÚBLICO NÚMERO 100
VISM-530228-TW2
SÉPTIMO DISTRITO
(26 y 5)
AVISO NOTARIAL

El día 23 de mayo del año 2023, comparecieron ante esta Notaría Pública a mi cargo, los señores Cecilia Guadalupe Vergara Esquivel y Carlos Alberto Estupiñán Esquivel, y manifestaron su deseo que sea tramitado ante mi fe, la Sucesión Intestamentaria a bienes de la señora IRMA ESQUIVEL GODINA, de conformidad con lo establecido en el artículo 882 del Código de Procedimientos Civiles vigente en el Estado de Nuevo León. Al efecto me exhibieron copia certificada del Acta de Defunción de la autora de la Sucesión, manifestando que aceptan la Herencia, así como el cargo de Albaceas que se les confiere; por lo que procederán a formular el Inventario y Avalúo del acervo hereditario, lo que hice constar en la Escritura Pública número 1,286 de la citada fecha.- DOY FE.

Monterrey, N.L. a 23 de Mayo de 2023

LIC. BERNARDO GUTIÉRREZ GUERRA
NOTARIO PÚBLICO TITULAR NO. 144
(26 y 5)
AVISO

En fecha 23 veintitrés de Noviembre de 2022 dos mil veintidós, se denunció en esta Notaría a mi cargo, en acta fuera de protocolo número 007/74465/22, la Sucesión Legítima por Vía Extrajudicial del señor GUADALUPE MORALES ALMAGUER. Las herederas me exhibieron la partida de defunción, aceptaron la herencia y reconocieron sus derechos hereditarios. Fue nombrada Albacea a la Sra. OFELIA GONZALEZ GARCIA, quien manifestó que ya procede a formular el inventario, de conformidad al artículo 882 del Código de Procedimientos Civiles para el Estado de Nuevo León.

Linares, Nuevo León, a 09 nueve de Enero de 2023.

LIC. MANUEL JOSE PEÑA DORIA.
NOTARIO PÚBLICO EN EJERCICIO
TITULAR DE LA NOTARÍA NÚMERO 7
(26 y 5)
AVISO

En fecha 28 veintiocho de Septiembre de 2022 dos mil veintidós, se denunció en esta Notaría a mi cargo, en acta fuera de protocolo número 007/73763/22, la Sucesión Legítima por Vía Extrajudicial del señor ARTURO MARTINEZ DE LA ROSA. La heredera me exhibió la partida de defunción, aceptó la herencia y reconoció sus derechos hereditarios. Fue nombrada Albacea a la Sra. SILVIA CARRILLO AREVALO quien manifestó que ya procede a formular el inventario, de conformidad al artículo 882 del Código de Procedimientos Civiles para el Estado de Nuevo León.

Linares, Nuevo León, a 09 nueve de Enero de 2023.

LIC. MANUEL JOSE PEÑA DORIA.
NOTARIO PÚBLICO EN EJERCICIO
TITULAR DE LA NOTARÍA NÚMERO 7
(26 y 5)
AVISO

En fecha 01 primero de Junio de 2021 dos mil veintiuno, se denunció en esta Notaría a mi cargo, en acta fuera de protocolo número 007/71029/21, la Sucesión Legítima por Vía Extrajudicial del señor RODOLFO CASTILLO CALDERÓN. La heredera me exhibió la partida de defunción, aceptó la herencia y reconoció sus derechos hereditarios. Fue nombrada Albacea a la Sra. TERESA DE JESÚS MEDRANO PÉREZ, quien manifestó que ya procede a formular el inventario, de conformidad al artículo 882 del Código de Procedimientos Civiles para el Estado de Nuevo León.

Linares, Nuevo León, a 09 nueve de Enero de 2023.

LIC. MANUEL JOSE PEÑA DORIA.
NOTARIO PÚBLICO EN EJERCICIO
TITULAR DE LA NOTARÍA NÚMERO 7
(26 y 5)
AVISO NOTARIAL

Cadereyta Jiménez, Nuevo León.- Ante el suscrito Notario Público, comparecieron los ciudadanos ELVIRA DE LEON LOPEZ, JOSE JUAN VICTORIANO ESPARZA DE LEON, FRANCISCO JAVIER ESPARZA DE LEON, JUAN ANTONIO ESPARZA DE LEON, ANA ELVIRA ESPARZA DE LEON y MARIA GUADALUPE ESPARZA DE LEON, solicitando la Tramitación de PROCEDIMIENTO HEREDITARIO EXTRAJUDICIAL INTESTADO a BIENES DE ISIDORO SILVA RIOS y TESTAMENTARIO a BIENES DE VICTORIANO ESPARZA HERNÁNDEZ, en fecha 20 días del mes de mayo de 2023, en la Escritura Pública número (1543,867/2023), exhibiendo el acta de defunción, en el cual los comparecientes se reconocieron como Únicos y Universales Herederos, aceptando la herencia y a la ciudadana ELVIRA DE LEON LOPEZ como Albacea de la sucesión, quien manifestó que procederá a formular el inventario de los bienes de la herencia. Lo que se publica por dos veces, de diez en diez días, en el periódico El Porvenir.

LICENCIADO FEDERICO GARZA ARIZPE
TITULAR DE LA NOTARÍA PÚBLICA 134
SEGUNDO DISTRITO EN EL ESTADO.
(26 y 5)
PUBLICACION

El suscrito LICENCIADO ARNOLDO FRANCISCO SAENZ GALVAN, Notario Público Titular de la Notaría Pública Número (145) ciento cuarenta y cinco, con ejercicio en el Primer Distrito, HAGO CONSTAR: Que en esta Notaría a mi cargo se está tramitando la RADICACIÓN E INICIACIÓN EXTRAJUDICIAL DE LA SUCESIÓN TESTAMENTARIA a bienes del señor NORMA ALICIA HERRERA RAMÍREZ, habiéndose presentado la señora NORMA ALICIA HERRERA RAMÍREZ aceptando la herencia y el cargo de Albacea, quien manifestó que procederá a formular el inventario de los bienes de la sucesión. Lo que se publica en esta forma, en cumplimiento a lo dispuesto por el Artículo (882) del Código de Procedimientos Civiles vigente en el Estado, por (2) veces de (10) en (10) días en el periódico "EL PORVENIR" que se edita en esta Ciudad.

LIC. ARNOLDO FRANCISCO SAENZ GALVAN.
NOTARIO PÚBLICO No. 145.
(26 y 5)
PUBLICACION

El suscrito LICENCIADO ARNOLDO FRANCISCO SAENZ GALVAN, Notario Público Titular de la Notaría Pública Número (145) ciento cuarenta y cinco, con ejercicio en el Primer Distrito, HAGO CONSTAR: Que en esta Notaría a mi cargo se está tramitando la RADICACIÓN E INICIACIÓN EXTRAJUDICIAL DE LA SUCESIÓN TESTAMENTARIA a bienes de EUTIMIO PLUTARCO GUZMAN LUNA y ABIGAIL TAMEZ LOZANO DE GUZMAN, cuya Iniciación se hizo constar mediante Escritura Pública número (1919) mil novecientos diecinueve, de fecha (05) cinco de Mayo de (2023) dos mil veintitrés, en la que se tuvo a los promoventes ABIGAIL GUZMAN TAMEZ, PATRICIA GUZMAN TAMEZ, MARTHA IDALIA GUZMAN TAMEZ, ALEJANDRO PLUTARCO GUZMAN TAMEZ y LILIA GUZMAN TAMEZ aceptando la herencia que se le difiere, y a las señoras ABIGAIL GUZMAN TAMEZ y PATRICIA GUZMAN TAMEZ, aceptando el cargo de Albaceas, quienes manifestaron que procederán a formular el inventario y avalúo de los bienes correspondientes a la sucesión. Lo que se publica en esta forma, en cumplimiento a lo dispuesto por el Artículo (882) del Código de Procedimientos Civiles vigente en el Estado, por (2) veces de (10) en (10) días en el periódico "EL PORVENIR" que se edita en esta Ciudad.

LIC. ARNOLDO FRANCISCO SAENZ GALVAN.
NOTARIO PÚBLICO No. 145.
(26 y 5)
